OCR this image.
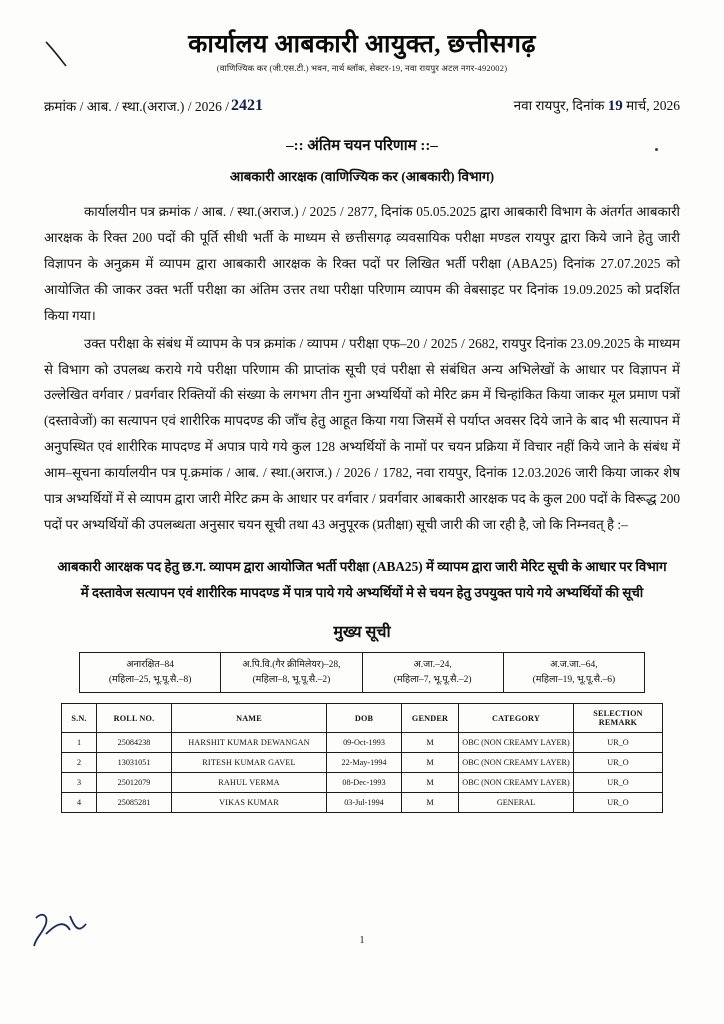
कार्यालय आबकारी आयुक्त, छत्तीसगढ़
(वाणिज्यिक कर (जी.एस.टी.) भवन, नार्थ ब्लॉक, सेक्टर-19, नवा रायपुर अटल नगर-492002)
क्रमांक / आब. / स्था.(अराज.) / 2026 / 2421	नवा रायपुर, दिनांक 19 मार्च, 2026
–:: अंतिम चयन परिणाम ::–
आबकारी आरक्षक (वाणिज्यिक कर (आबकारी) विभाग)

कार्यालयीन पत्र क्रमांक / आब. / स्था.(अराज.) / 2025 / 2877, दिनांक 05.05.2025 द्वारा आबकारी विभाग के अंतर्गत आबकारी आरक्षक के रिक्त 200 पदों की पूर्ति सीधी भर्ती के माध्यम से छत्तीसगढ़ व्यवसायिक परीक्षा मण्डल रायपुर द्वारा किये जाने हेतु जारी विज्ञापन के अनुक्रम में व्यापम द्वारा आबकारी आरक्षक के रिक्त पदों पर लिखित भर्ती परीक्षा (ABA25) दिनांक 27.07.2025 को आयोजित की जाकर उक्त भर्ती परीक्षा का अंतिम उत्तर तथा परीक्षा परिणाम व्यापम की वेबसाइट पर दिनांक 19.09.2025 को प्रदर्शित किया गया।

उक्त परीक्षा के संबंध में व्यापम के पत्र क्रमांक / व्यापम / परीक्षा एफ–20 / 2025 / 2682, रायपुर दिनांक 23.09.2025 के माध्यम से विभाग को उपलब्ध कराये गये परीक्षा परिणाम की प्राप्तांक सूची एवं परीक्षा से संबंधित अन्य अभिलेखों के आधार पर विज्ञापन में उल्लेखित वर्गवार / प्रवर्गवार रिक्तियों की संख्या के लगभग तीन गुना अभ्यर्थियों को मेरिट क्रम में चिन्हांकित किया जाकर मूल प्रमाण पत्रों (दस्तावेजों) का सत्यापन एवं शारीरिक मापदण्ड की जाँच हेतु आहूत किया गया जिसमें से पर्याप्त अवसर दिये जाने के बाद भी सत्यापन में अनुपस्थित एवं शारीरिक मापदण्ड में अपात्र पाये गये कुल 128 अभ्यर्थियों के नामों पर चयन प्रक्रिया में विचार नहीं किये जाने के संबंध में आम–सूचना कार्यालयीन पत्र पृ.क्रमांक / आब. / स्था.(अराज.) / 2026 / 1782, नवा रायपुर, दिनांक 12.03.2026 जारी किया जाकर शेष पात्र अभ्यर्थियों में से व्यापम द्वारा जारी मेरिट क्रम के आधार पर वर्गवार / प्रवर्गवार आबकारी आरक्षक पद के कुल 200 पदों के विरूद्ध 200 पदों पर अभ्यर्थियों की उपलब्धता अनुसार चयन सूची तथा 43 अनुपूरक (प्रतीक्षा) सूची जारी की जा रही है, जो कि निम्नवत् है :–

आबकारी आरक्षक पद हेतु छ.ग. व्यापम द्वारा आयोजित भर्ती परीक्षा (ABA25) में व्यापम द्वारा जारी मेरिट सूची के आधार पर विभाग में दस्तावेज सत्यापन एवं शारीरिक मापदण्ड में पात्र पाये गये अभ्यर्थियों मे से चयन हेतु उपयुक्त पाये गये अभ्यर्थियों की सूची
मुख्य सूची
अनारक्षित–84
(महिला–25, भू.पू.सै.–8)

अ.पि.वि.(गैर क्रीमिलेयर)–28,
(महिला–8, भू.पू.सै.–2)

अ.जा.–24,
(महिला–7, भू.पू.सै.–2)

अ.ज.जा.–64,
(महिला–19, भू.पू.सै.–6)
S.N.	ROLL NO.	NAME	DOB	GENDER	CATEGORY	SELECTION REMARK
1	25084238	HARSHIT KUMAR DEWANGAN	09-Oct-1993	M	OBC (NON CREAMY LAYER)	UR_O
2	13031051	RITESH KUMAR GAVEL	22-May-1994	M	OBC (NON CREAMY LAYER)	UR_O
3	25012079	RAHUL VERMA	08-Dec-1993	M	OBC (NON CREAMY LAYER)	UR_O
4	25085281	VIKAS KUMAR	03-Jul-1994	M	GENERAL	UR_O
1
